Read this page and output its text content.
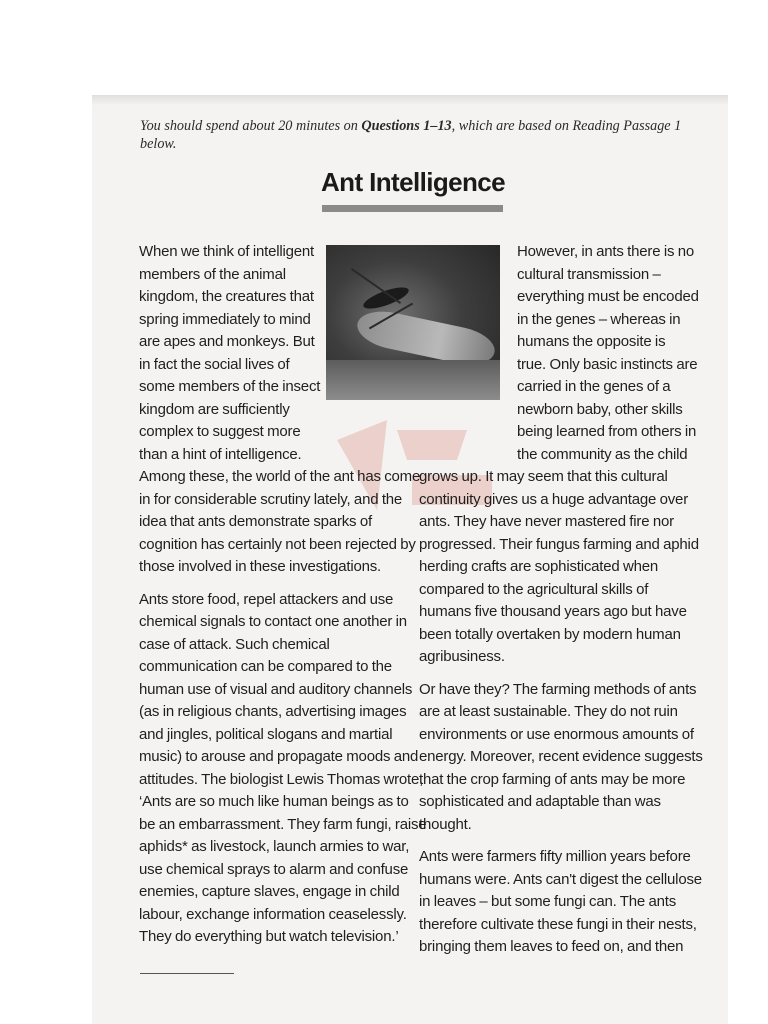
You should spend about 20 minutes on Questions 1–13, which are based on Reading Passage 1 below.
Ant Intelligence
When we think of intelligent
members of the animal
kingdom, the creatures that
spring immediately to mind
are apes and monkeys. But
in fact the social lives of
some members of the insect
kingdom are sufficiently
complex to suggest more
than a hint of intelligence.

Among these, the world of the ant has come
in for considerable scrutiny lately, and the
idea that ants demonstrate sparks of
cognition has certainly not been rejected by
those involved in these investigations.

Ants store food, repel attackers and use
chemical signals to contact one another in
case of attack. Such chemical
communication can be compared to the
human use of visual and auditory channels
(as in religious chants, advertising images
and jingles, political slogans and martial
music) to arouse and propagate moods and
attitudes. The biologist Lewis Thomas wrote,
‘Ants are so much like human beings as to
be an embarrassment. They farm fungi, raise
aphids* as livestock, launch armies to war,
use chemical sprays to alarm and confuse
enemies, capture slaves, engage in child
labour, exchange information ceaselessly.
They do everything but watch television.’

However, in ants there is no
cultural transmission –
everything must be encoded
in the genes – whereas in
humans the opposite is
true. Only basic instincts are
carried in the genes of a
newborn baby, other skills
being learned from others in
the community as the child

grows up. It may seem that this cultural
continuity gives us a huge advantage over
ants. They have never mastered fire nor
progressed. Their fungus farming and aphid
herding crafts are sophisticated when
compared to the agricultural skills of
humans five thousand years ago but have
been totally overtaken by modern human
agribusiness.

Or have they? The farming methods of ants
are at least sustainable. They do not ruin
environments or use enormous amounts of
energy. Moreover, recent evidence suggests
that the crop farming of ants may be more
sophisticated and adaptable than was
thought.

Ants were farmers fifty million years before
humans were. Ants can't digest the cellulose
in leaves – but some fungi can. The ants
therefore cultivate these fungi in their nests,
bringing them leaves to feed on, and then
